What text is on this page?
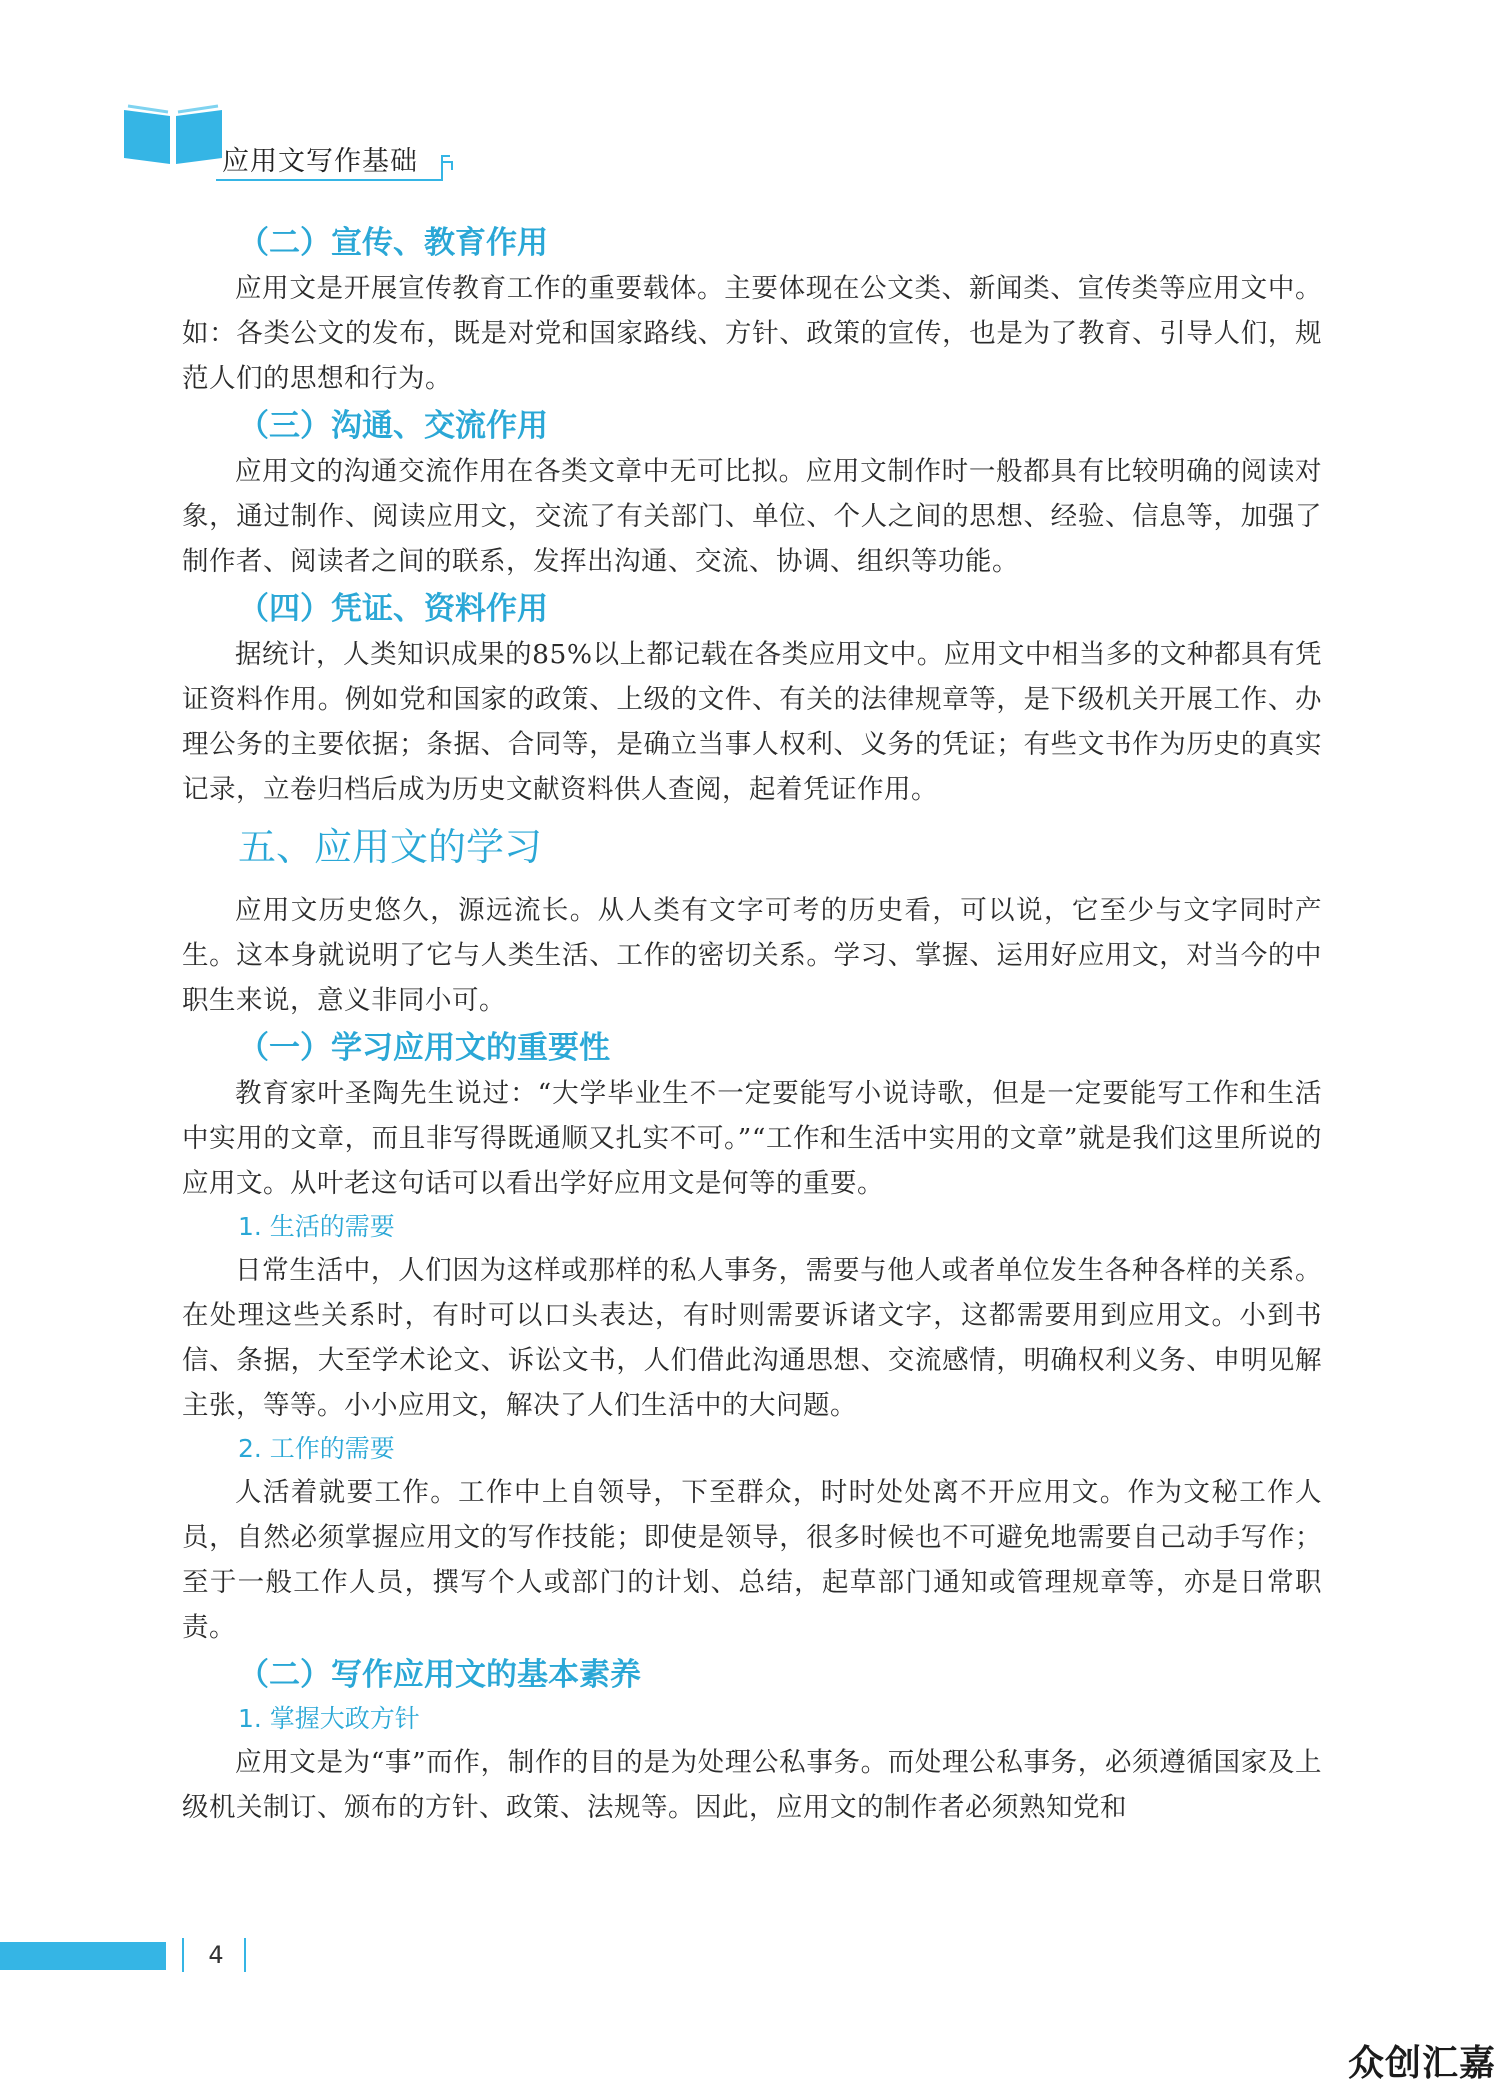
应用文写作基础
（二）宣传、教育作用
应用文是开展宣传教育工作的重要载体。主要体现在公文类、新闻类、宣传类等应用文中。如：各类公文的发布，既是对党和国家路线、方针、政策的宣传，也是为了教育、引导人们，规范人们的思想和行为。
（三）沟通、交流作用
应用文的沟通交流作用在各类文章中无可比拟。应用文制作时一般都具有比较明确的阅读对象，通过制作、阅读应用文，交流了有关部门、单位、个人之间的思想、经验、信息等，加强了制作者、阅读者之间的联系，发挥出沟通、交流、协调、组织等功能。
（四）凭证、资料作用
据统计，人类知识成果的85%以上都记载在各类应用文中。应用文中相当多的文种都具有凭证资料作用。例如党和国家的政策、上级的文件、有关的法律规章等，是下级机关开展工作、办理公务的主要依据；条据、合同等，是确立当事人权利、义务的凭证；有些文书作为历史的真实记录，立卷归档后成为历史文献资料供人查阅，起着凭证作用。
五、应用文的学习
应用文历史悠久，源远流长。从人类有文字可考的历史看，可以说，它至少与文字同时产生。这本身就说明了它与人类生活、工作的密切关系。学习、掌握、运用好应用文，对当今的中职生来说，意义非同小可。
（一）学习应用文的重要性
教育家叶圣陶先生说过：“大学毕业生不一定要能写小说诗歌，但是一定要能写工作和生活中实用的文章，而且非写得既通顺又扎实不可。”“工作和生活中实用的文章”就是我们这里所说的应用文。从叶老这句话可以看出学好应用文是何等的重要。
1. 生活的需要
日常生活中，人们因为这样或那样的私人事务，需要与他人或者单位发生各种各样的关系。在处理这些关系时，有时可以口头表达，有时则需要诉诸文字，这都需要用到应用文。小到书信、条据，大至学术论文、诉讼文书，人们借此沟通思想、交流感情，明确权利义务、申明见解主张，等等。小小应用文，解决了人们生活中的大问题。
2. 工作的需要
人活着就要工作。工作中上自领导，下至群众，时时处处离不开应用文。作为文秘工作人员，自然必须掌握应用文的写作技能；即使是领导，很多时候也不可避免地需要自己动手写作；至于一般工作人员，撰写个人或部门的计划、总结，起草部门通知或管理规章等，亦是日常职责。
（二）写作应用文的基本素养
1. 掌握大政方针
应用文是为“事”而作，制作的目的是为处理公私事务。而处理公私事务，必须遵循国家及上级机关制订、颁布的方针、政策、法规等。因此，应用文的制作者必须熟知党和
4
众创汇嘉
